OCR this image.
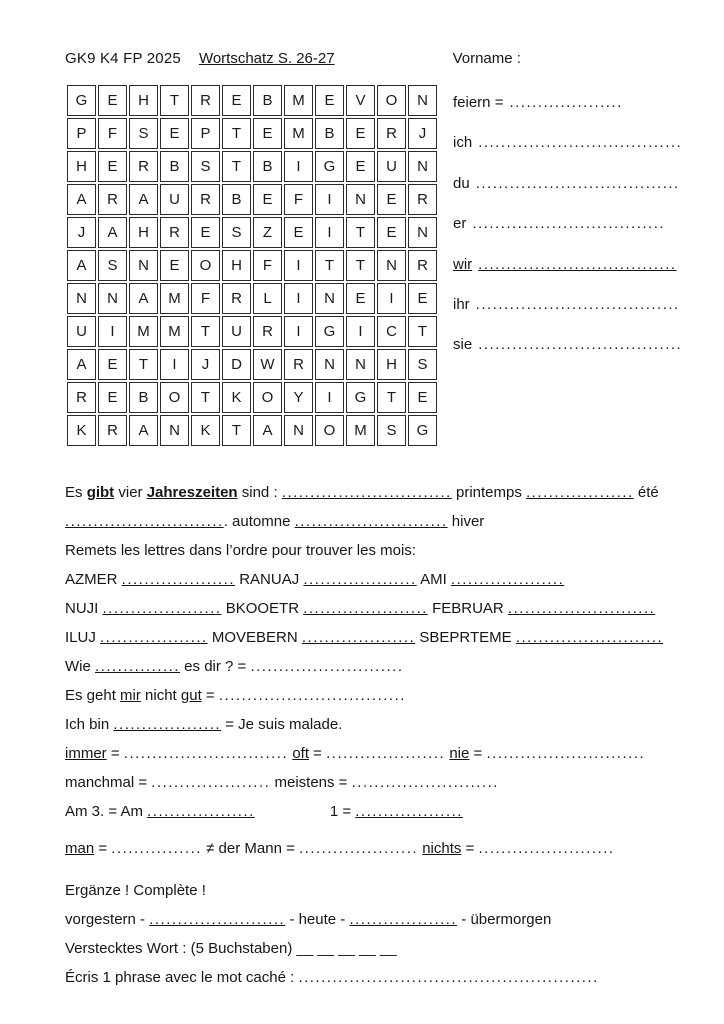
GK9 K4 FP 2025 Wortschatz S. 26-27	Vorname :
G	E	H	T	R	E	B	M	E	V	O	N
P	F	S	E	P	T	E	M	B	E	R	J
H	E	R	B	S	T	B	I	G	E	U	N
A	R	A	U	R	B	E	F	I	N	E	R
J	A	H	R	E	S	Z	E	I	T	E	N
A	S	N	E	O	H	F	I	T	T	N	R
N	N	A	M	F	R	L	I	N	E	I	E
U	I	M	M	T	U	R	I	G	I	C	T
A	E	T	I	J	D	W	R	N	N	H	S
R	E	B	O	T	K	O	Y	I	G	T	E
K	R	A	N	K	T	A	N	O	M	S	G
feiern = ....................
ich ....................................
du ....................................
er ..................................
wir ...................................
ihr ....................................
sie ....................................
Es gibt vier Jahreszeiten sind : .............................. printemps ................... été
............................. automne ........................... hiver
Remets les lettres dans l’ordre pour trouver les mois:
AZMER .................... RANUAJ .................... AMI ....................
NUJI ..................... BKOOETR ...................... FEBRUAR ..........................
ILUJ ................... MOVEBERN .................... SBEPRTEME ..........................
Wie ............... es dir ? = ...........................
Es geht mir nicht gut = .................................
Ich bin ................... = Je suis malade.
immer = ............................. oft = ..................... nie = ............................
manchmal = ..................... meistens = ..........................
Am 3. = Am ...................	1 = ...................
man = ................ ≠ der Mann = ..................... nichts = ........................
Ergänze ! Complète !
vorgestern - ........................ - heute - ................... - übermorgen
Verstecktes Wort : (5 Buchstaben) __ __ __ __ __
Écris 1 phrase avec le mot caché : .....................................................
